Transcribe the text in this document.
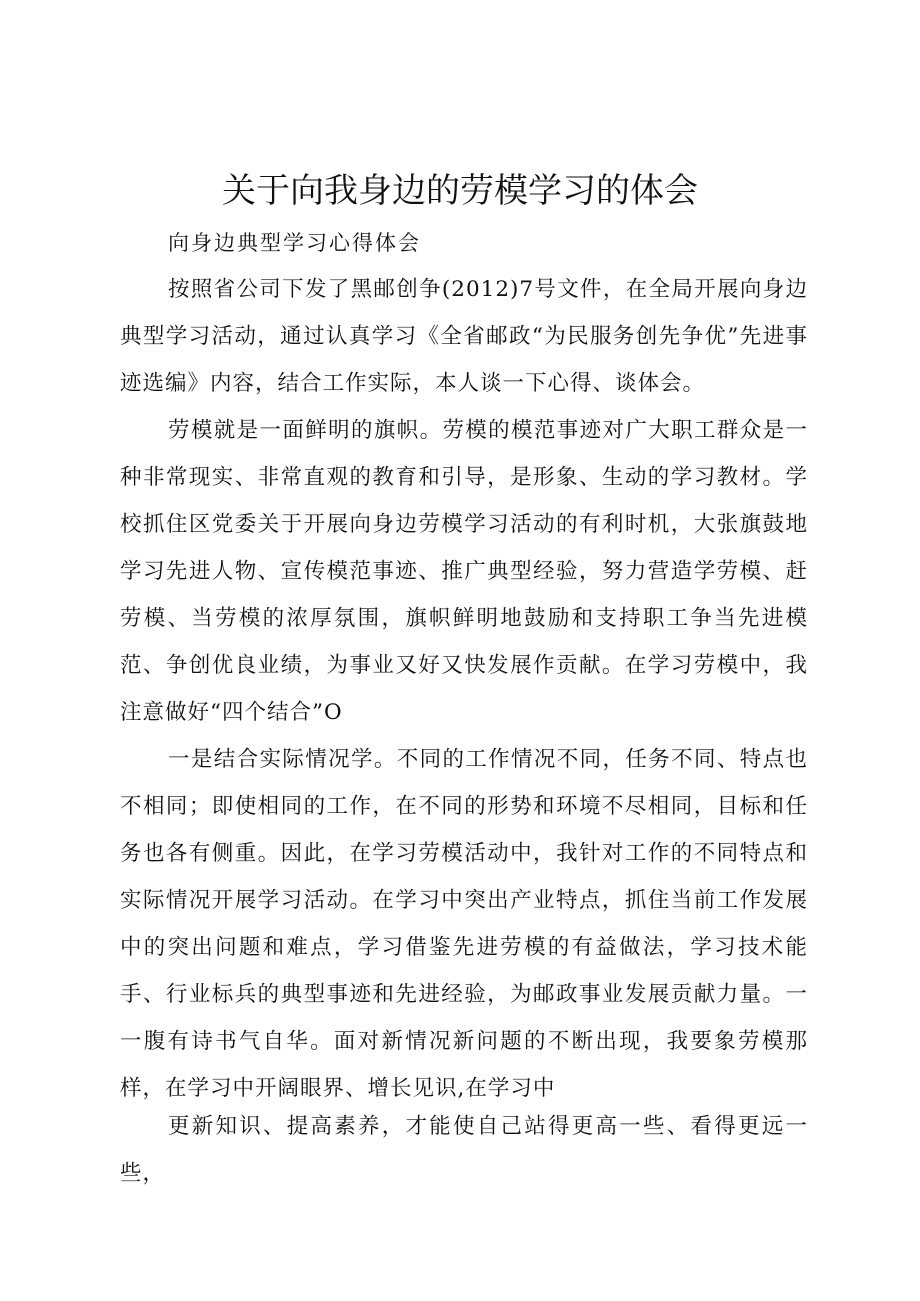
关于向我身边的劳模学习的体会
向身边典型学习心得体会
按照省公司下发了黑邮创争(2012)7号文件，在全局开展向身边典型学习活动，通过认真学习《全省邮政“为民服务创先争优”先进事迹选编》内容，结合工作实际，本人谈一下心得、谈体会。
劳模就是一面鲜明的旗帜。劳模的模范事迹对广大职工群众是一种非常现实、非常直观的教育和引导，是形象、生动的学习教材。学校抓住区党委关于开展向身边劳模学习活动的有利时机，大张旗鼓地学习先进人物、宣传模范事迹、推广典型经验，努力营造学劳模、赶劳模、当劳模的浓厚氛围，旗帜鲜明地鼓励和支持职工争当先进模范、争创优良业绩，为事业又好又快发展作贡献。在学习劳模中，我注意做好“四个结合”O
一是结合实际情况学。不同的工作情况不同，任务不同、特点也不相同；即使相同的工作，在不同的形势和环境不尽相同，目标和任务也各有侧重。因此，在学习劳模活动中，我针对工作的不同特点和实际情况开展学习活动。在学习中突出产业特点，抓住当前工作发展中的突出问题和难点，学习借鉴先进劳模的有益做法，学习技术能手、行业标兵的典型事迹和先进经验，为邮政事业发展贡献力量。一一腹有诗书气自华。面对新情况新问题的不断出现，我要象劳模那样，在学习中开阔眼界、增长见识,在学习中
更新知识、提高素养，才能使自己站得更高一些、看得更远一些，
